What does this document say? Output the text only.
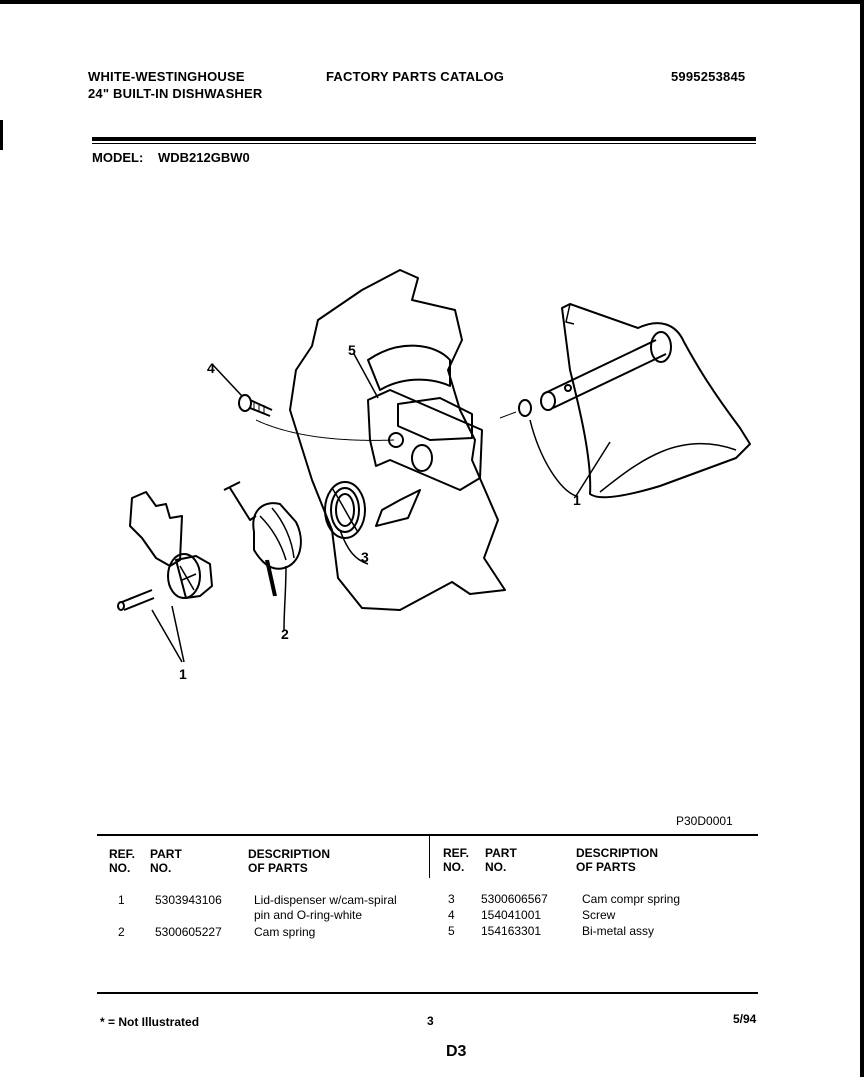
WHITE-WESTINGHOUSE
24" BUILT-IN DISHWASHER
FACTORY PARTS CATALOG	5995253845
MODEL: WDB212GBW0
5
4
1
3
2
1
P30D0001
REF.
NO.
PART
NO.
DESCRIPTION
OF PARTS
REF.
NO.
PART
NO.
DESCRIPTION
OF PARTS
1	5303943106	Lid-dispenser w/cam-spiral
pin and O-ring-white
2	5300605227	Cam spring
3 5300606567	Cam compr spring
4 154041001	Screw
5 154163301	Bi-metal assy
* = Not Illustrated	3	5/94
D3
